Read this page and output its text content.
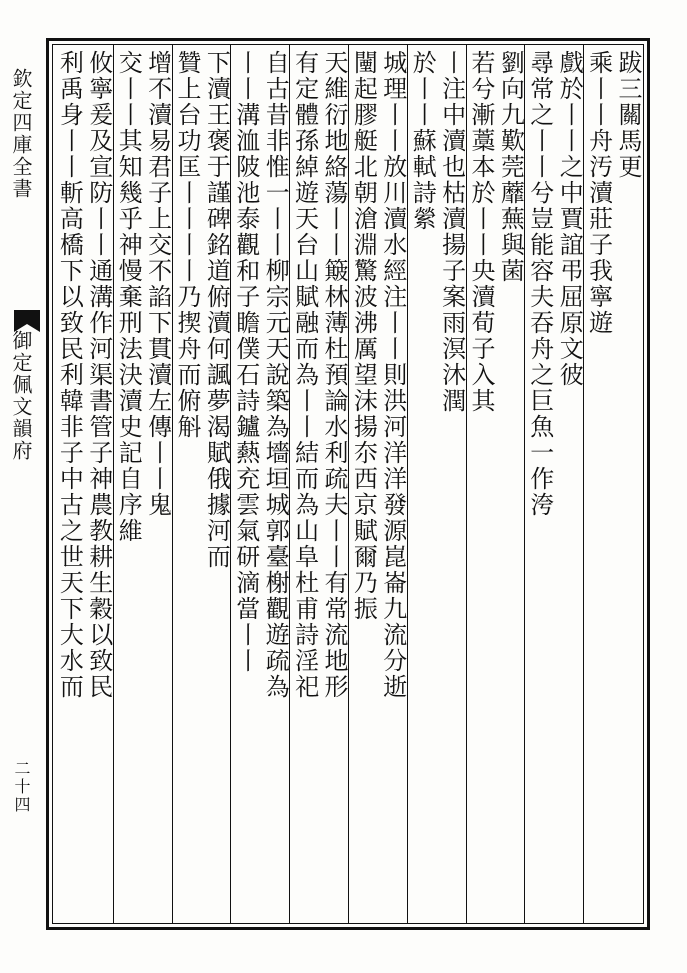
欽定四庫全書
御定佩文韻府
二十四
跋三關馬更
乘丨丨舟汚瀆莊子我寧遊
戲於丨丨之中賈誼弔屈原文彼
尋常之丨丨兮豈能容夫吞舟之巨魚一作洿
劉向九歎莞蘼蕪與菌
若兮漸藁本於丨丨央瀆荀子入其
丨注中瀆也枯瀆揚子案雨溟沐潤
於丨丨蘇軾詩縈
城理丨丨放川瀆水經注丨丨則洪河洋洋發源崑崙九流分逝
闉起膠艇北朝滄淵驚波沸厲望沫揚夵西京賦爾乃振
天維衍地絡蕩丨丨簸林薄杜預論水利疏夫丨丨有常流地形
有定體孫綽遊天台山賦融而為丨丨結而為山阜杜甫詩淫祀
自古昔非惟一丨丨柳宗元天說築為墻垣城郭臺榭觀遊疏為
丨丨溝洫陂池泰觀和子瞻僕石詩鑪爇充雲氣研滴當丨丨
下瀆王褒于謹碑銘道俯瀆何諷夢渴賦俄據河而
贊上台功匡丨丨丨丨乃揳舟而俯斛
增不瀆易君子上交不諂下貫瀆左傳丨丨鬼
交丨丨其知幾乎神慢棄刑法決瀆史記自序維
攸寧爰及宣防丨丨通溝作河渠書管子神農教耕生穀以致民
利禹身丨丨斬高橋下以致民利韓非子中古之世天下大水而
